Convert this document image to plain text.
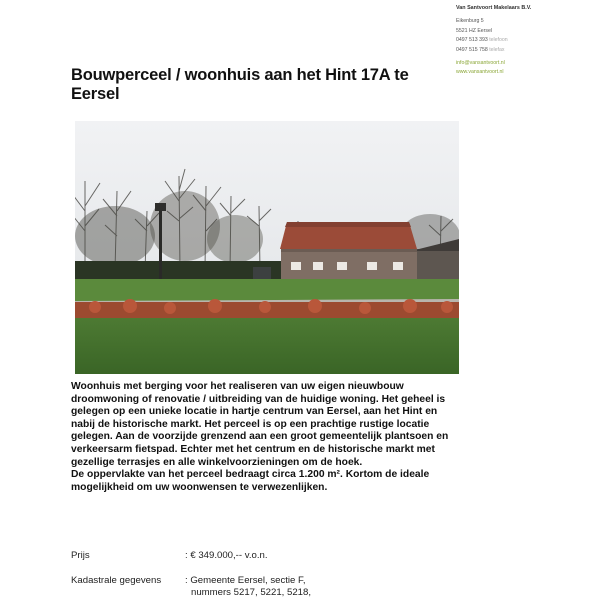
Van Santvoort Makelaars B.V.
Eikenburg 5
5521 HZ Eersel
0497 513 393 telefoon
0497 515 758 telefax
info@vansantvoort.nl
www.vansantvoort.nl
Bouwperceel / woonhuis aan het Hint 17A te Eersel

Woonhuis met berging voor het realiseren van uw eigen nieuwbouw droomwoning of renovatie / uitbreiding van de huidige woning. Het geheel is gelegen op een unieke locatie in hartje centrum van Eersel, aan het Hint en nabij de historische markt. Het perceel is op een prachtige rustige locatie gelegen. Aan de voorzijde grenzend aan een groot gemeentelijk plantsoen en verkeersarm fietspad. Echter met het centrum en de historische markt met gezellige terrasjes en alle winkelvoorzieningen om de hoek.

De oppervlakte van het perceel bedraagt circa 1.200 m². Kortom de ideale mogelijkheid om uw woonwensen te verwezenlijken.

Prijs	: € 349.000,-- v.o.n.
Kadastrale gegevens	: Gemeente Eersel, sectie F,
nummers 5217, 5221, 5218,
